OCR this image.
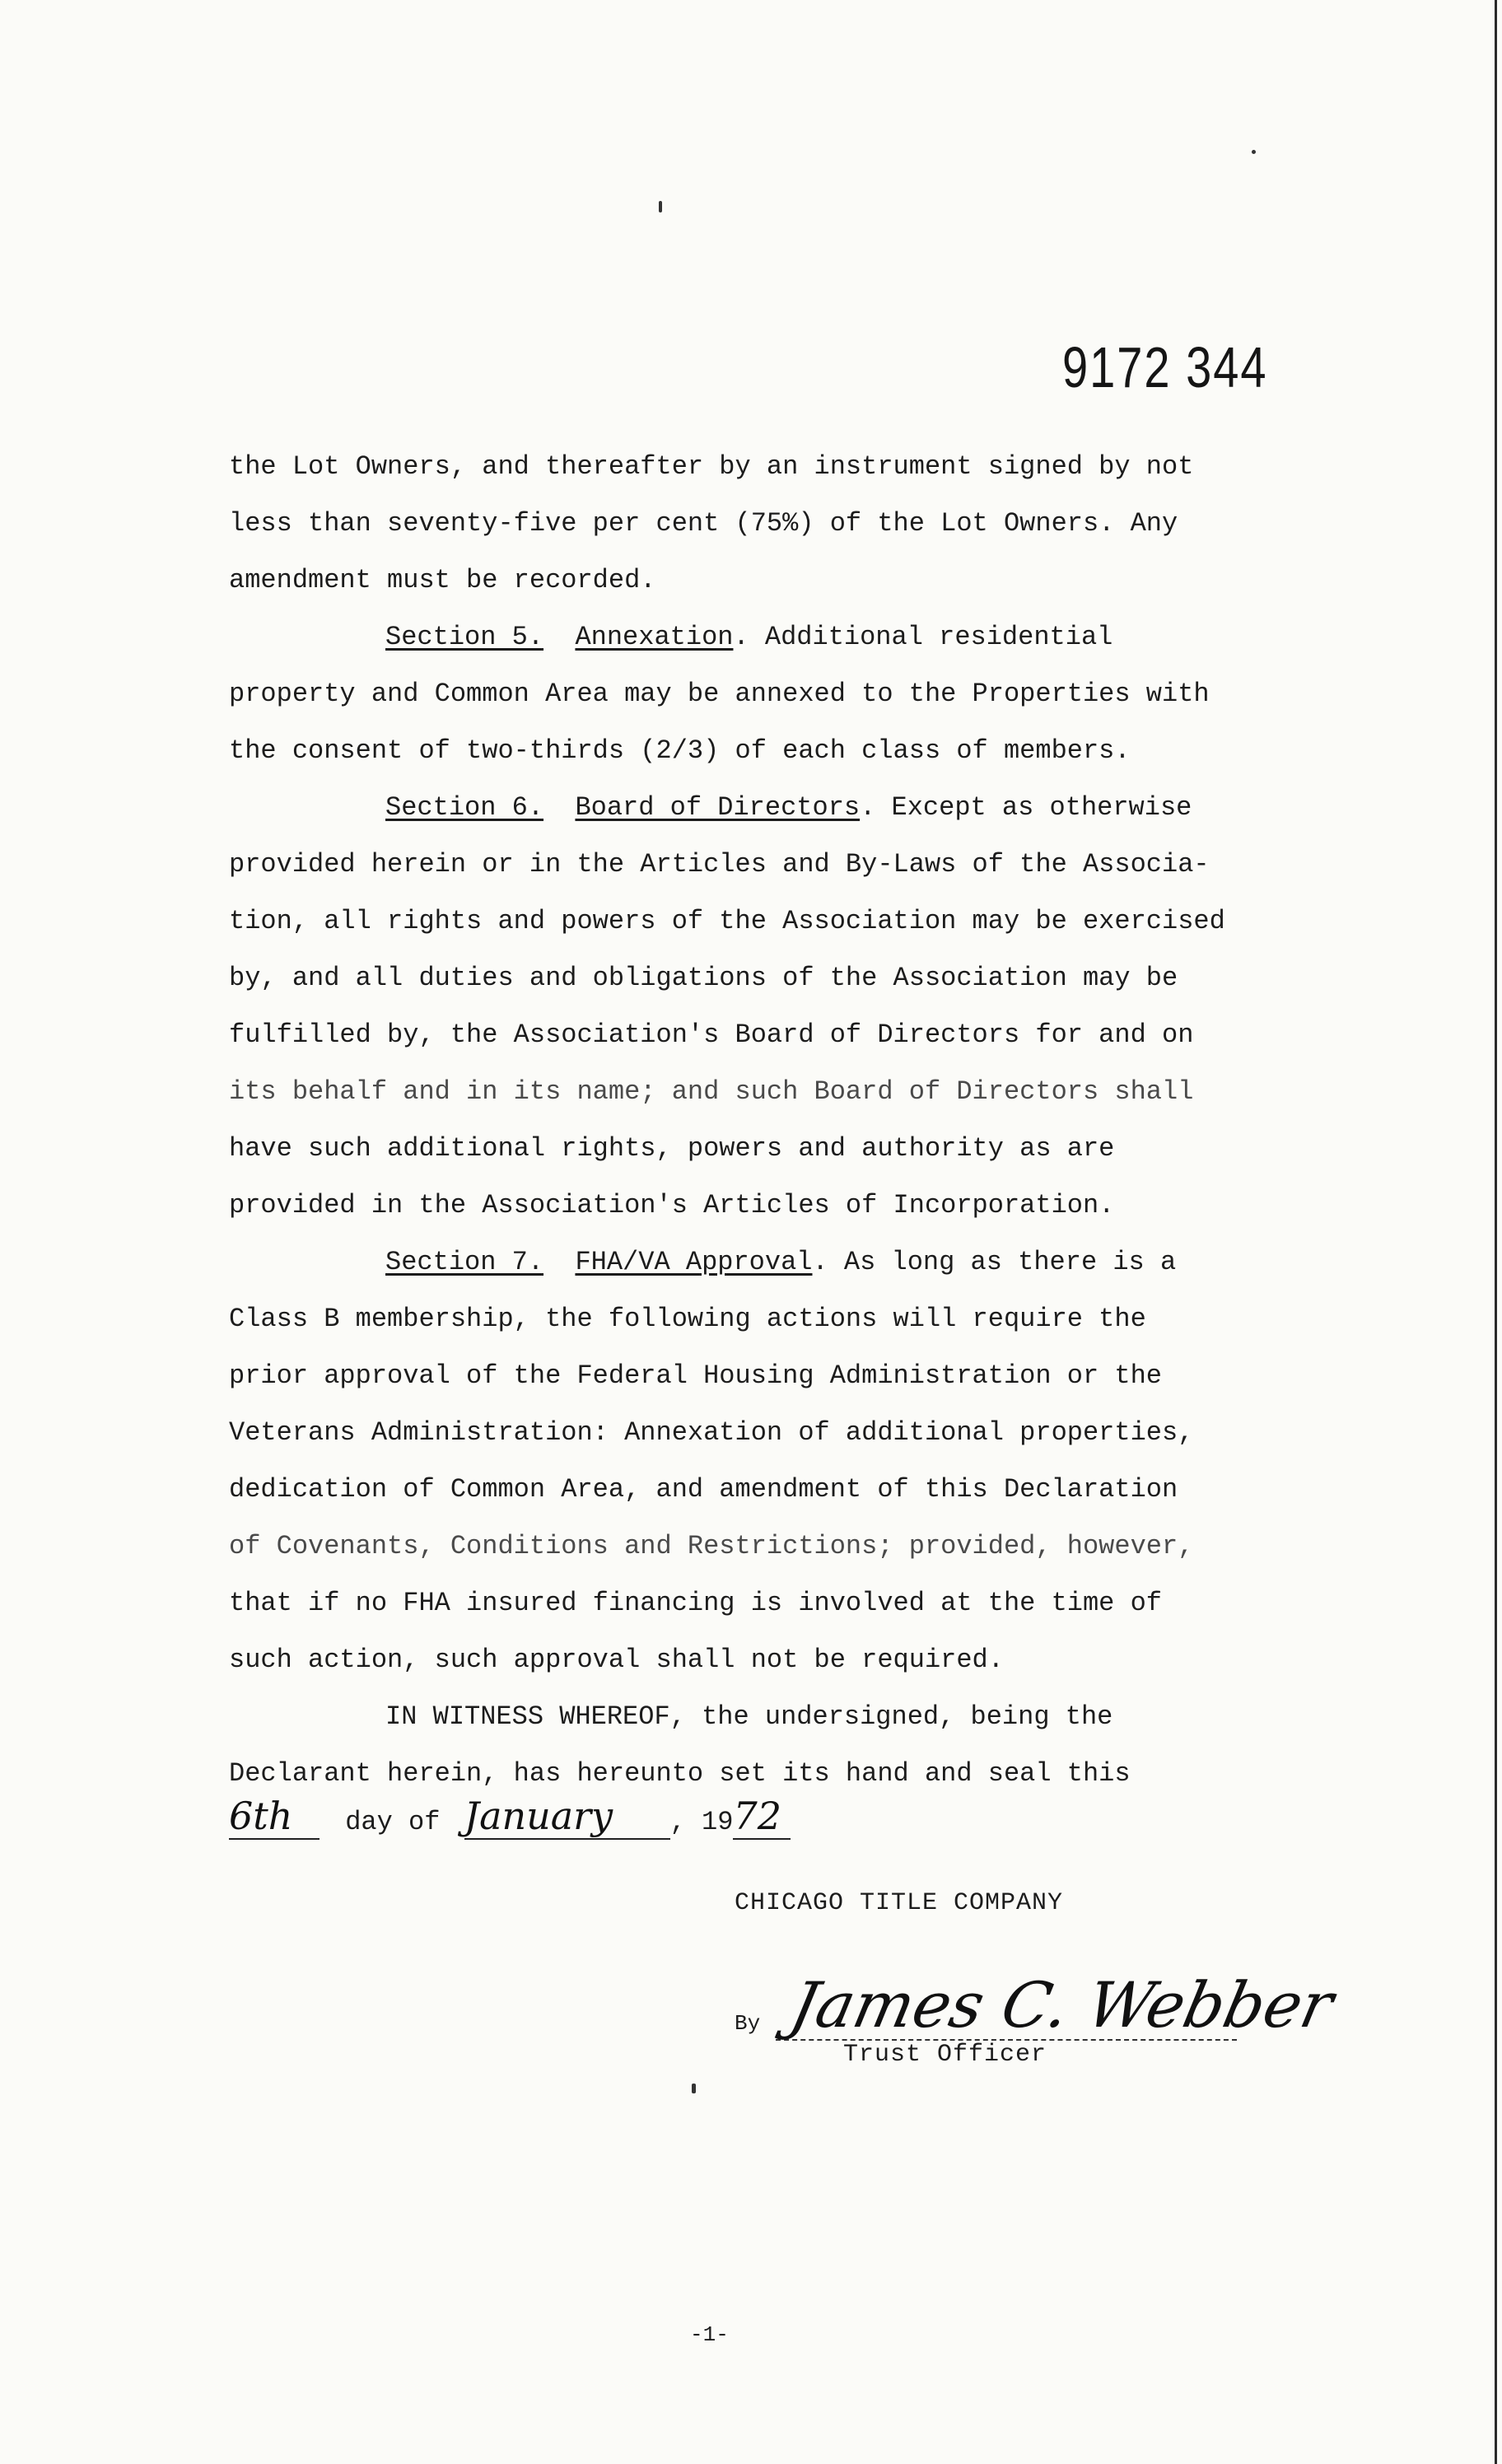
9172 344
the Lot Owners, and thereafter by an instrument signed by not
less than seventy-five per cent (75%) of the Lot Owners. Any
amendment must be recorded.
Section 5. Annexation. Additional residential
property and Common Area may be annexed to the Properties with
the consent of two-thirds (2/3) of each class of members.
Section 6. Board of Directors. Except as otherwise
provided herein or in the Articles and By-Laws of the Associa-
tion, all rights and powers of the Association may be exercised
by, and all duties and obligations of the Association may be
fulfilled by, the Association's Board of Directors for and on
its behalf and in its name; and such Board of Directors shall
have such additional rights, powers and authority as are
provided in the Association's Articles of Incorporation.
Section 7. FHA/VA Approval. As long as there is a
Class B membership, the following actions will require the
prior approval of the Federal Housing Administration or the
Veterans Administration: Annexation of additional properties,
dedication of Common Area, and amendment of this Declaration
of Covenants, Conditions and Restrictions; provided, however,
that if no FHA insured financing is involved at the time of
such action, such approval shall not be required.
IN WITNESS WHEREOF, the undersigned, being the
Declarant herein, has hereunto set its hand and seal this
6th day of January , 1972
CHICAGO TITLE COMPANY
By James C. Webber
Trust Officer
-1-
